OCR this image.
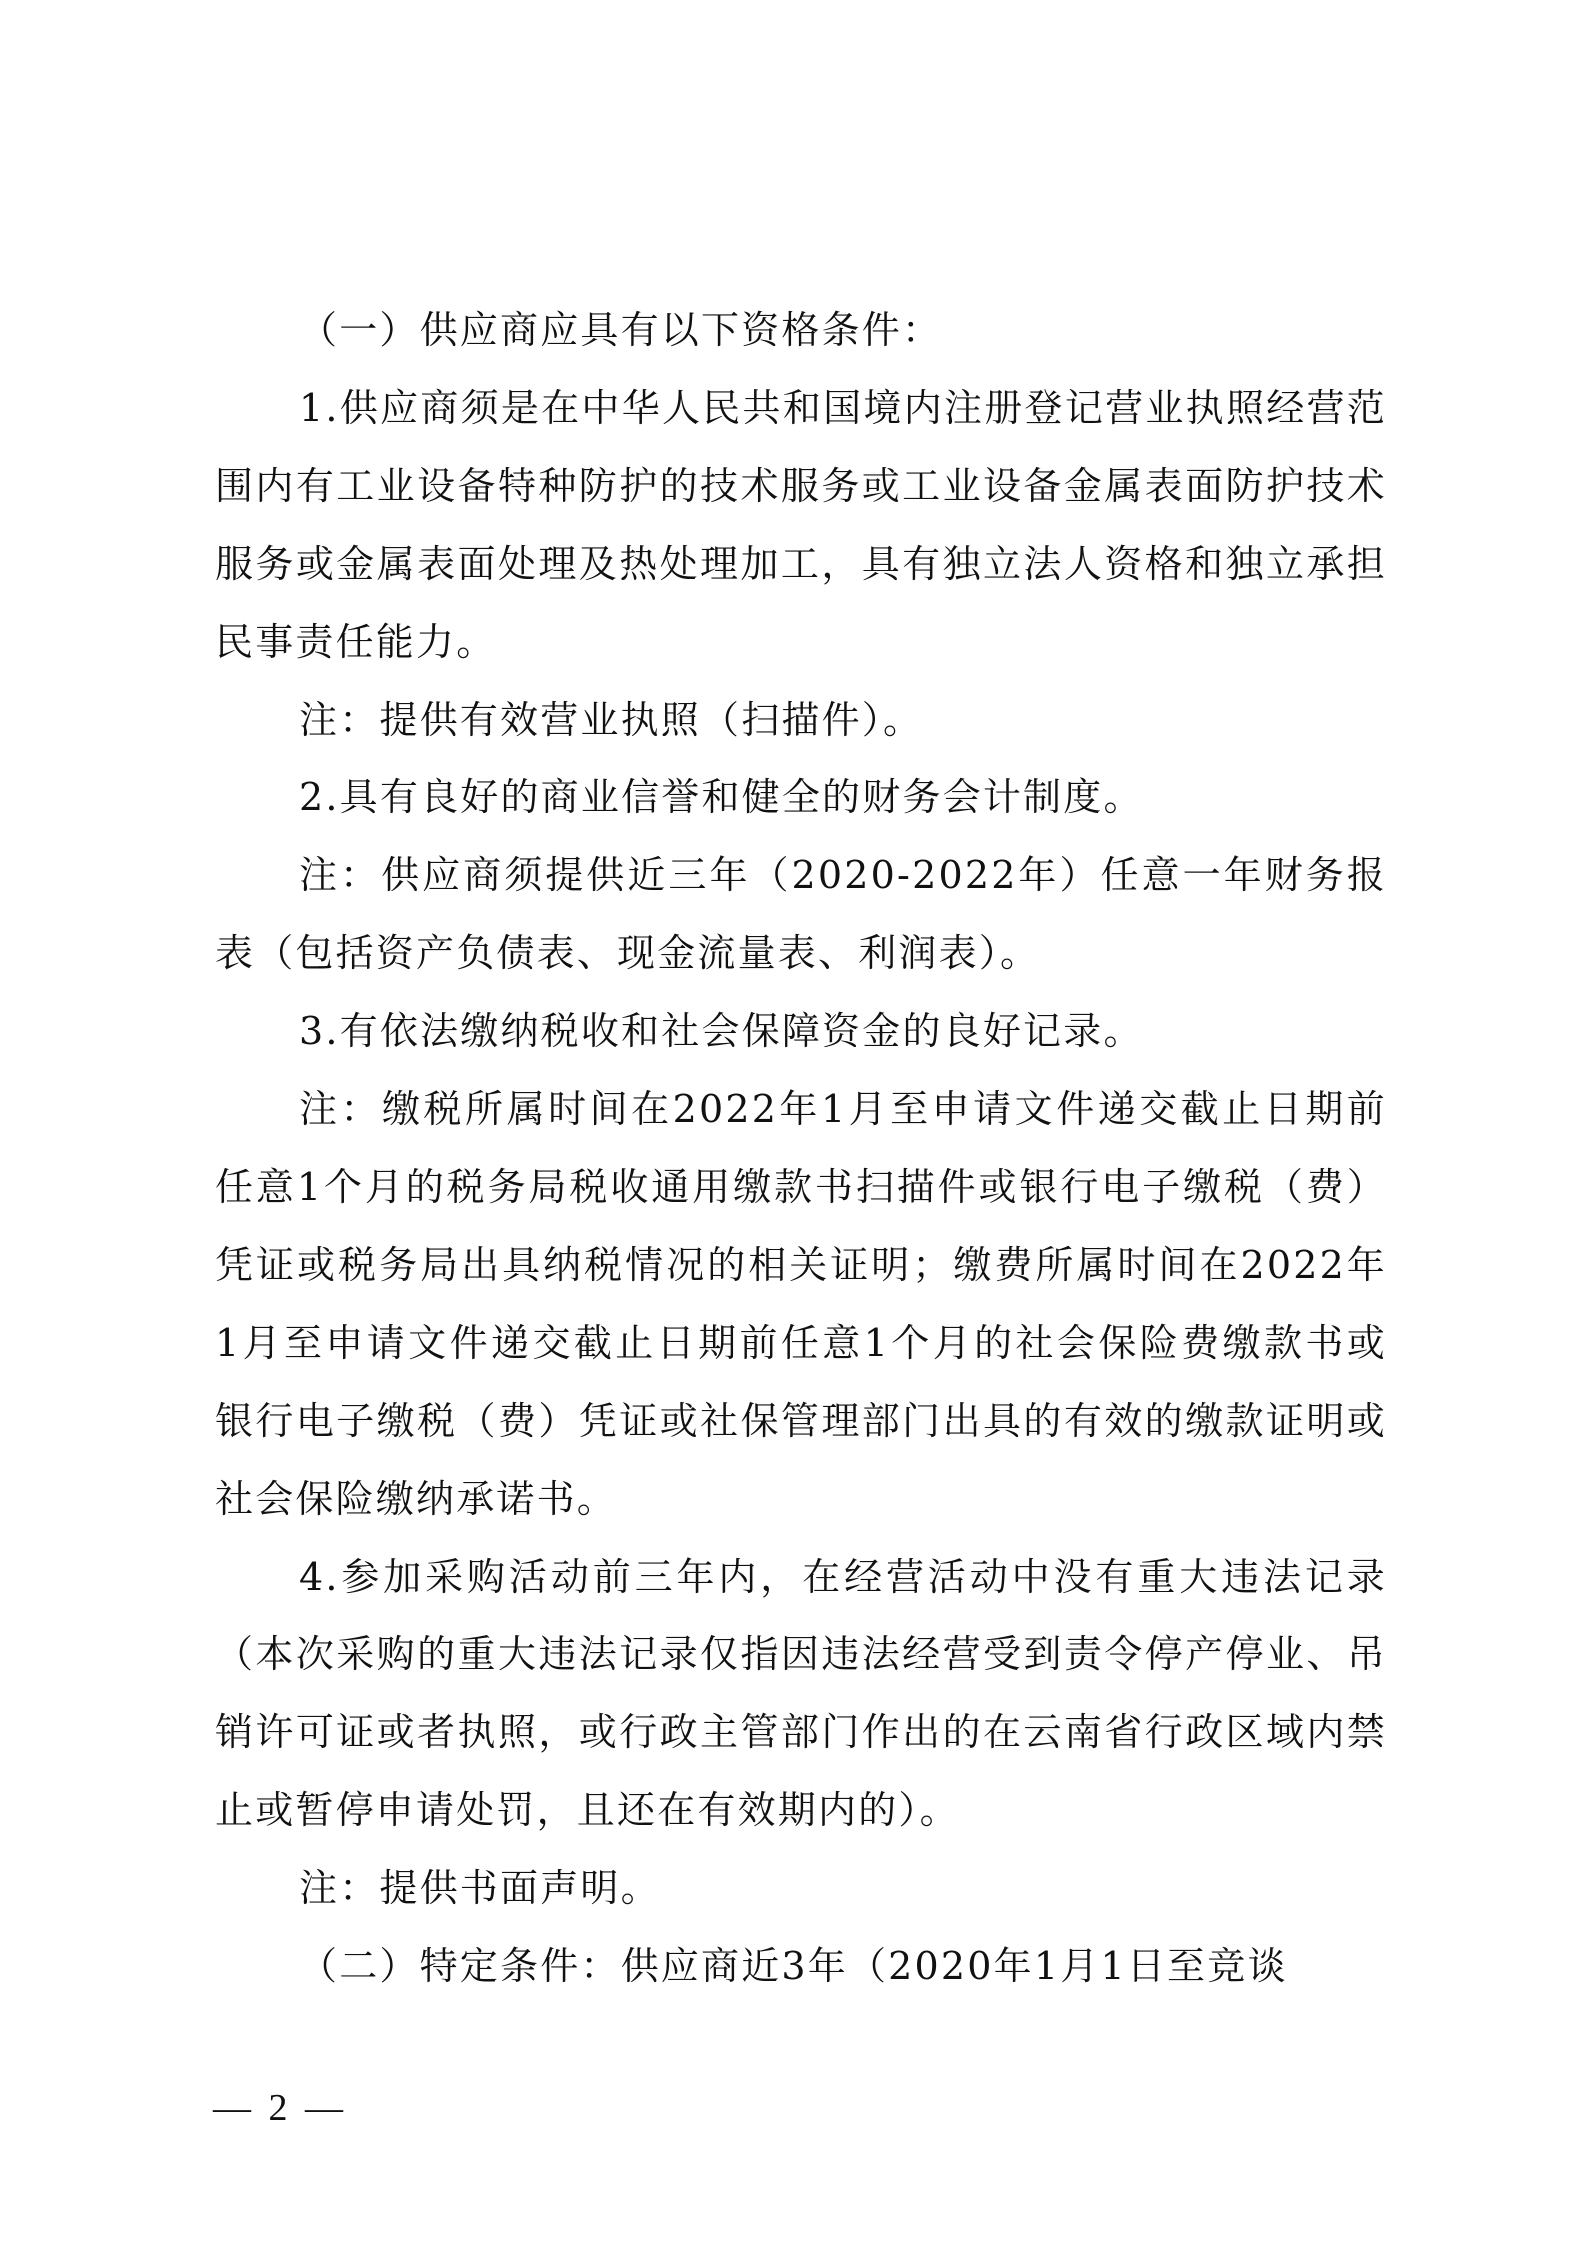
（一）供应商应具有以下资格条件：

1.供应商须是在中华人民共和国境内注册登记营业执照经营范围内有工业设备特种防护的技术服务或工业设备金属表面防护技术服务或金属表面处理及热处理加工，具有独立法人资格和独立承担民事责任能力。

注：提供有效营业执照（扫描件）。

2.具有良好的商业信誉和健全的财务会计制度。

注：供应商须提供近三年（2020-2022年）任意一年财务报表（包括资产负债表、现金流量表、利润表）。

3.有依法缴纳税收和社会保障资金的良好记录。

注：缴税所属时间在2022年1月至申请文件递交截止日期前任意1个月的税务局税收通用缴款书扫描件或银行电子缴税（费）凭证或税务局出具纳税情况的相关证明；缴费所属时间在2022年1月至申请文件递交截止日期前任意1个月的社会保险费缴款书或银行电子缴税（费）凭证或社保管理部门出具的有效的缴款证明或社会保险缴纳承诺书。

4.参加采购活动前三年内，在经营活动中没有重大违法记录（本次采购的重大违法记录仅指因违法经营受到责令停产停业、吊销许可证或者执照，或行政主管部门作出的在云南省行政区域内禁止或暂停申请处罚，且还在有效期内的）。

注：提供书面声明。

（二）特定条件：供应商近3年（2020年1月1日至竞谈

— 2 —
